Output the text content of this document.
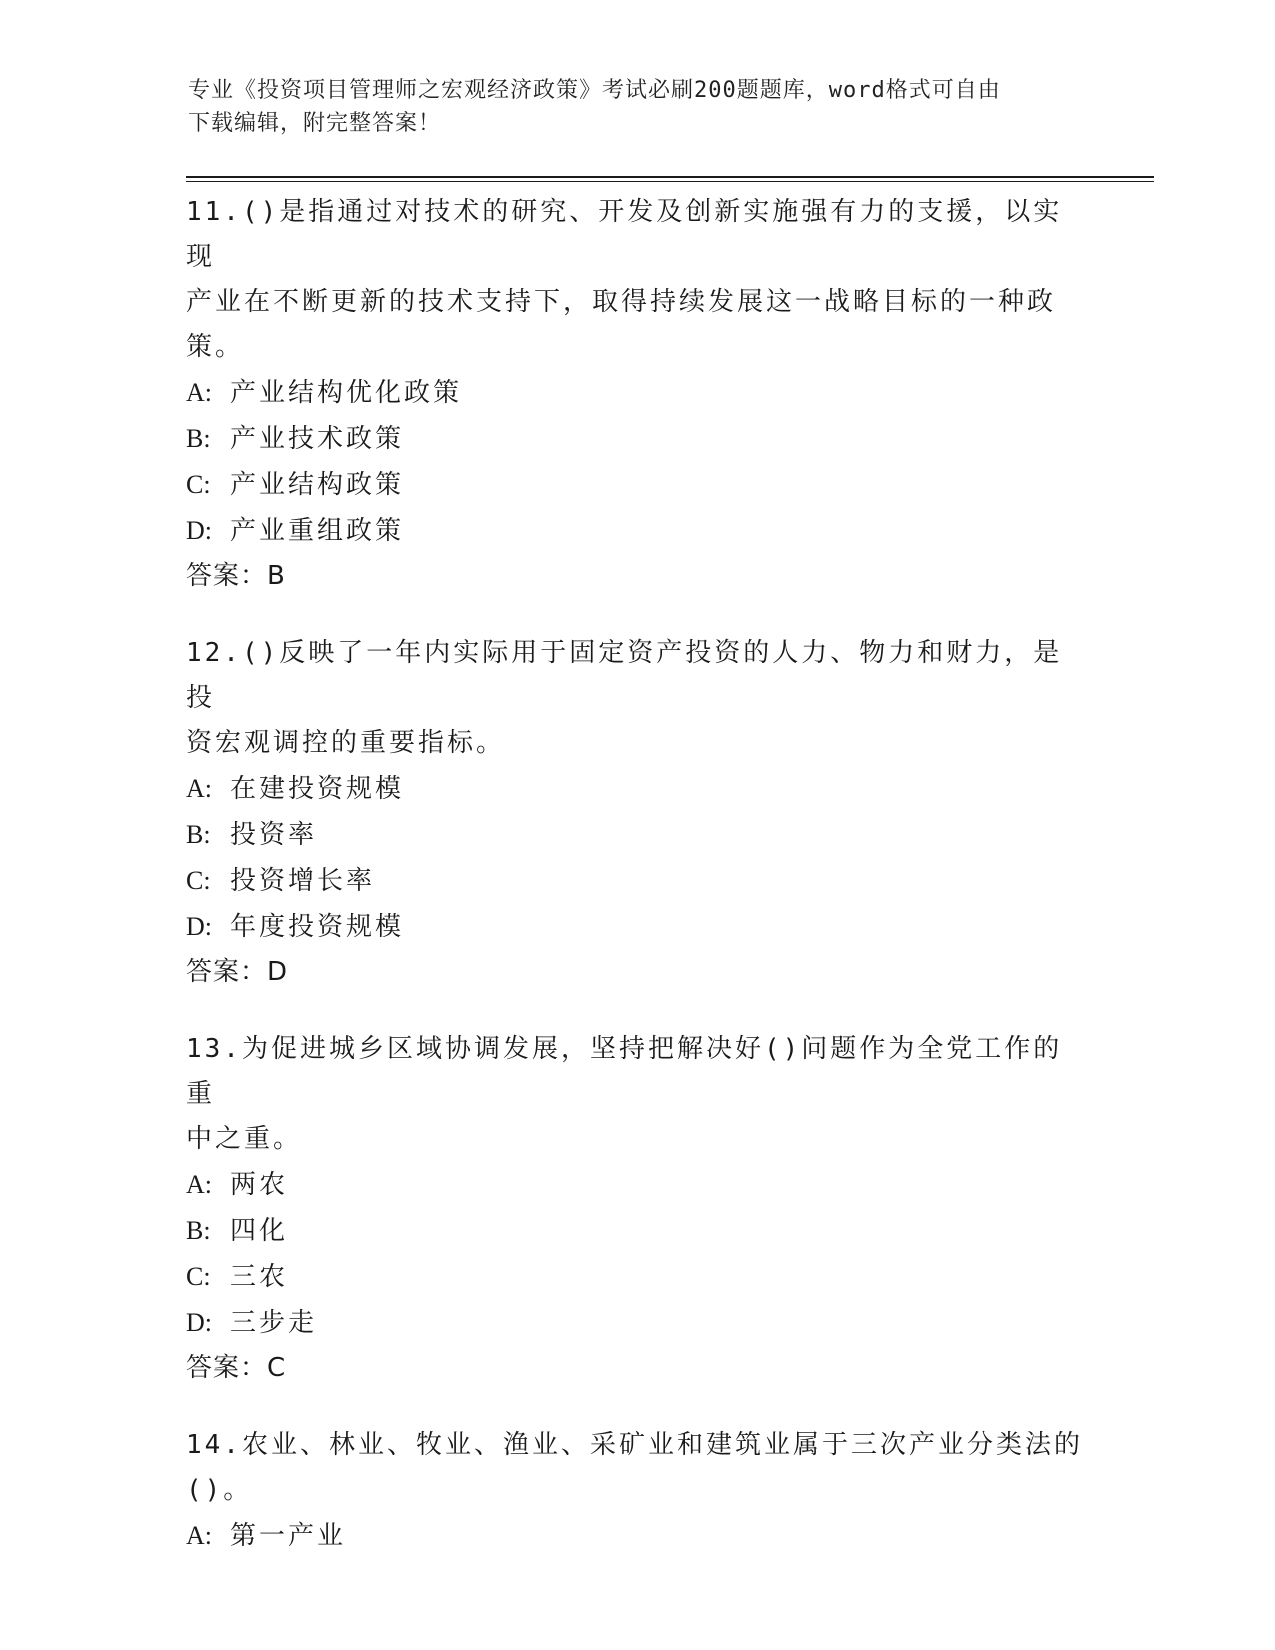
专业《投资项目管理师之宏观经济政策》考试必刷200题题库，word格式可自由
下载编辑，附完整答案！

11.()是指通过对技术的研究、开发及创新实施强有力的支援，以实现

产业在不断更新的技术支持下，取得持续发展这一战略目标的一种政

策。

A: 产业结构优化政策

B: 产业技术政策

C: 产业结构政策

D: 产业重组政策

答案：B

12.()反映了一年内实际用于固定资产投资的人力、物力和财力，是投

资宏观调控的重要指标。

A: 在建投资规模

B: 投资率

C: 投资增长率

D: 年度投资规模

答案：D

13.为促进城乡区域协调发展，坚持把解决好()问题作为全党工作的重

中之重。

A: 两农

B: 四化

C: 三农

D: 三步走

答案：C

14.农业、林业、牧业、渔业、采矿业和建筑业属于三次产业分类法的

()。

A: 第一产业
